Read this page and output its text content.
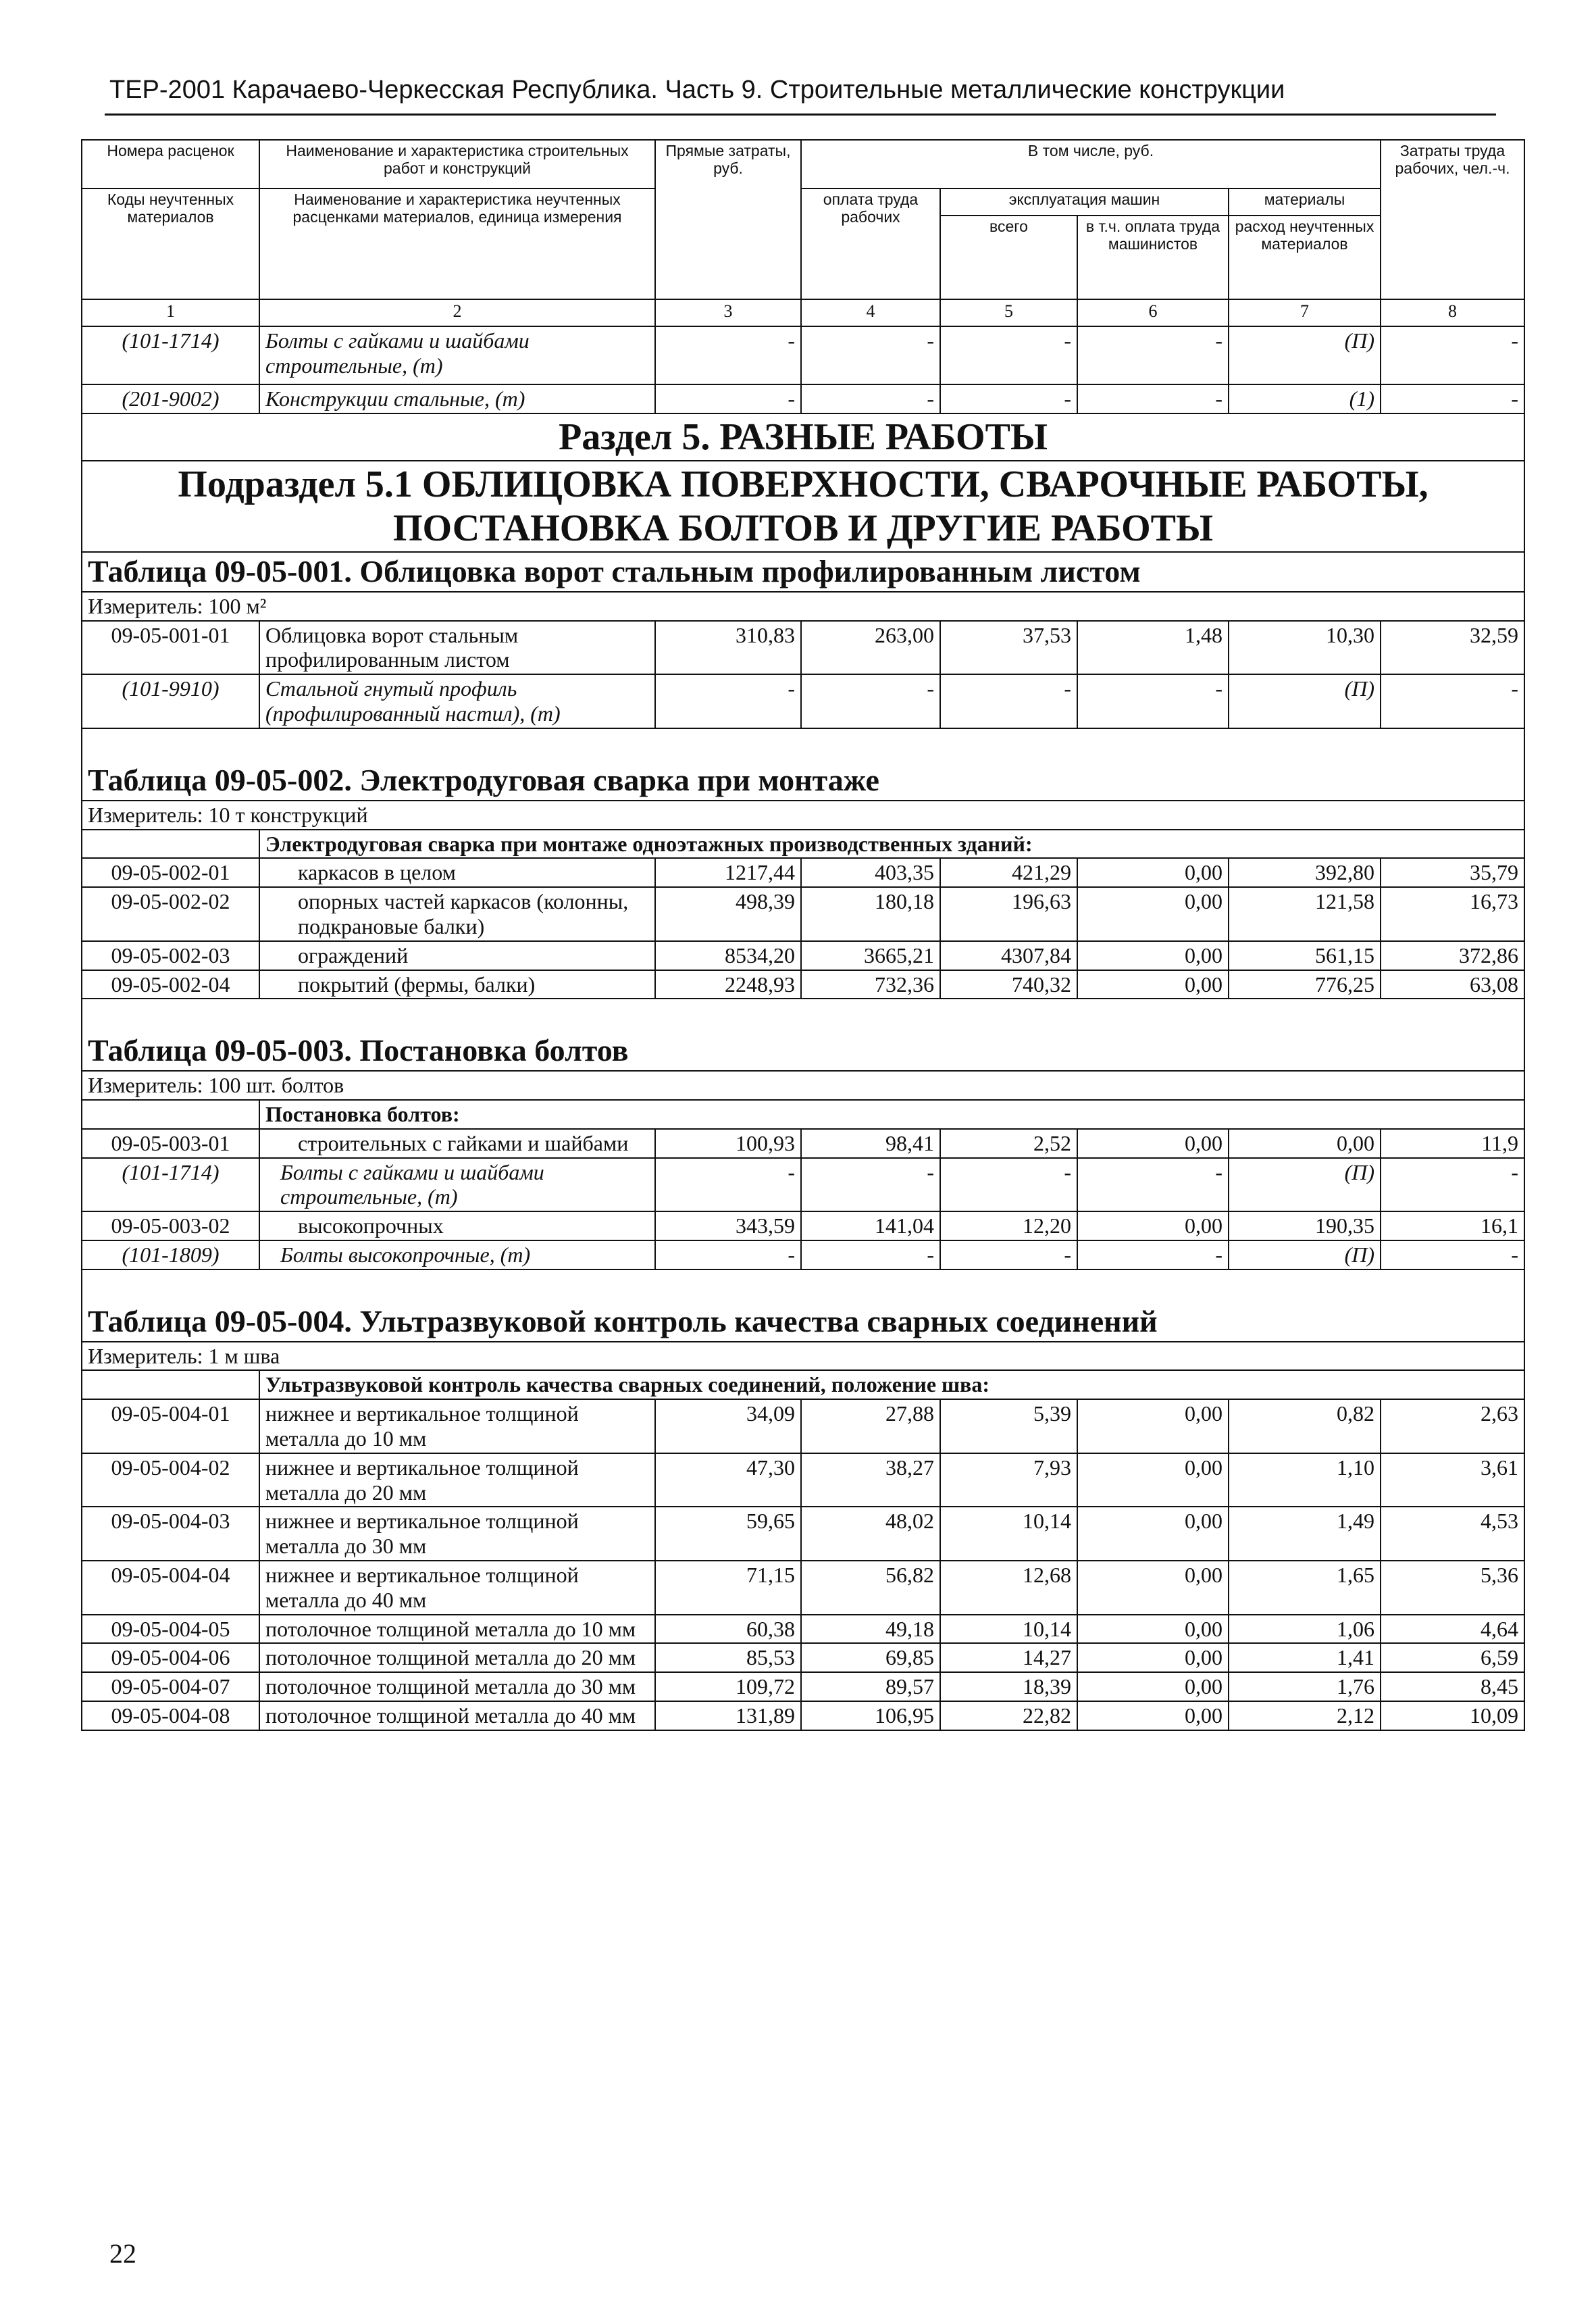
ТЕР-2001 Карачаево-Черкесская Республика. Часть 9. Строительные металлические конструкции
Номера расценок	Наименование и характеристика строительных работ и конструкций	Прямые затраты, руб.	В том числе, руб.				Затраты труда рабочих, чел.-ч.
Коды неучтенных материалов	Наименование и характеристика неучтенных расценками материалов, единица измерения		оплата труда рабочих	эксплуатация машин		материалы	
				всего	в т.ч. оплата труда машинистов	расход неучтенных материалов	
1	2	3	4	5	6	7	8
(101-1714)	Болты с гайками и шайбами строительные, (т)	-	-	-	-	(П)	-
(201-9002)	Конструкции стальные, (т)	-	-	-	-	(1)	-
Раздел 5. РАЗНЫЕ РАБОТЫ							
Подраздел 5.1 ОБЛИЦОВКА ПОВЕРХНОСТИ, СВАРОЧНЫЕ РАБОТЫ, ПОСТАНОВКА БОЛТОВ И ДРУГИЕ РАБОТЫ							
Таблица 09-05-001. Облицовка ворот стальным профилированным листом							
Измеритель: 100 м²							
09-05-001-01	Облицовка ворот стальным профилированным листом	310,83	263,00	37,53	1,48	10,30	32,59
(101-9910)	Стальной гнутый профиль (профилированный настил), (т)	-	-	-	-	(П)	-
Таблица 09-05-002. Электродуговая сварка при монтаже							
Измеритель: 10 т конструкций							
	Электродуговая сварка при монтаже одноэтажных производственных зданий:						
09-05-002-01	каркасов в целом	1217,44	403,35	421,29	0,00	392,80	35,79
09-05-002-02	опорных частей каркасов (колонны, подкрановые балки)	498,39	180,18	196,63	0,00	121,58	16,73
09-05-002-03	ограждений	8534,20	3665,21	4307,84	0,00	561,15	372,86
09-05-002-04	покрытий (фермы, балки)	2248,93	732,36	740,32	0,00	776,25	63,08
Таблица 09-05-003. Постановка болтов							
Измеритель: 100 шт. болтов							
	Постановка болтов:						
09-05-003-01	строительных с гайками и шайбами	100,93	98,41	2,52	0,00	0,00	11,9
(101-1714)	Болты с гайками и шайбами строительные, (т)	-	-	-	-	(П)	-
09-05-003-02	высокопрочных	343,59	141,04	12,20	0,00	190,35	16,1
(101-1809)	Болты высокопрочные, (т)	-	-	-	-	(П)	-
Таблица 09-05-004. Ультразвуковой контроль качества сварных соединений							
Измеритель: 1 м шва							
	Ультразвуковой контроль качества сварных соединений, положение шва:						
09-05-004-01	нижнее и вертикальное толщиной металла до 10 мм	34,09	27,88	5,39	0,00	0,82	2,63
09-05-004-02	нижнее и вертикальное толщиной металла до 20 мм	47,30	38,27	7,93	0,00	1,10	3,61
09-05-004-03	нижнее и вертикальное толщиной металла до 30 мм	59,65	48,02	10,14	0,00	1,49	4,53
09-05-004-04	нижнее и вертикальное толщиной металла до 40 мм	71,15	56,82	12,68	0,00	1,65	5,36
09-05-004-05	потолочное толщиной металла до 10 мм	60,38	49,18	10,14	0,00	1,06	4,64
09-05-004-06	потолочное толщиной металла до 20 мм	85,53	69,85	14,27	0,00	1,41	6,59
09-05-004-07	потолочное толщиной металла до 30 мм	109,72	89,57	18,39	0,00	1,76	8,45
09-05-004-08	потолочное толщиной металла до 40 мм	131,89	106,95	22,82	0,00	2,12	10,09
22
